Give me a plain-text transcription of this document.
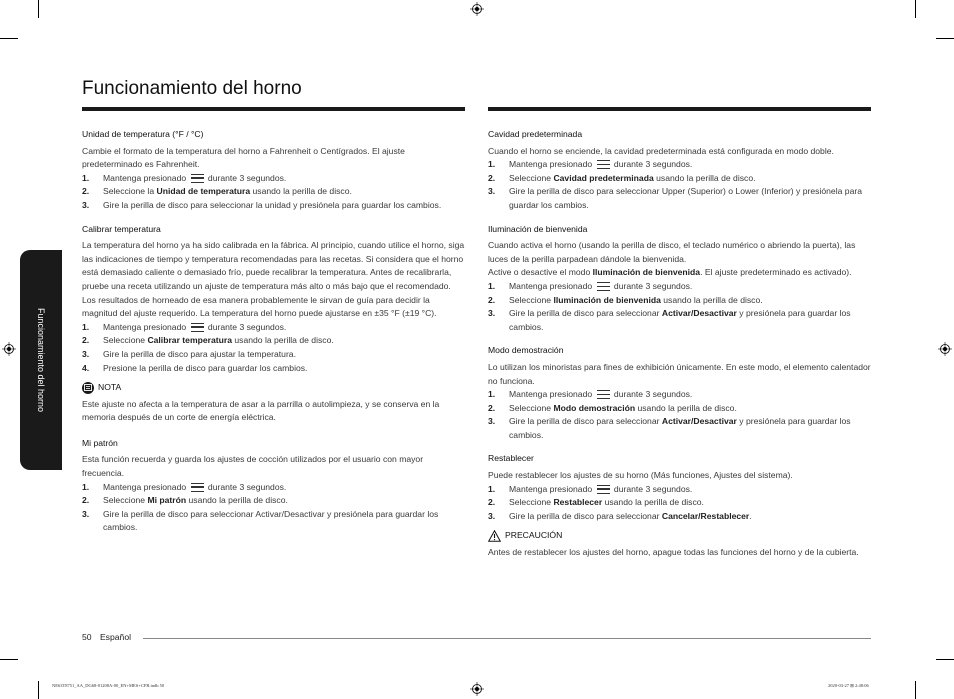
Funcionamiento del horno
Funcionamiento del horno
Unidad de temperatura (°F / °C)

Cambie el formato de la temperatura del horno a Fahrenheit o Centígrados. El ajuste predeterminado es Fahrenheit.

1. Mantenga presionado	durante 3 segundos.
2. Seleccione la Unidad de temperatura usando la perilla de disco.
3. Gire la perilla de disco para seleccionar la unidad y presiónela para guardar los cambios.
Calibrar temperatura

La temperatura del horno ya ha sido calibrada en la fábrica. Al principio, cuando utilice el horno, siga las indicaciones de tiempo y temperatura recomendadas para las recetas. Si considera que el horno está demasiado caliente o demasiado frío, puede recalibrar la temperatura. Antes de recalibrarla, pruebe una receta utilizando un ajuste de temperatura más alto o más bajo que el recomendado. Los resultados de horneado de esa manera probablemente le sirvan de guía para decidir la magnitud del ajuste requerido. La temperatura del horno puede ajustarse en ±35 °F (±19 °C).

1. Mantenga presionado	durante 3 segundos.
2. Seleccione Calibrar temperatura usando la perilla de disco.
3. Gire la perilla de disco para ajustar la temperatura.
4. Presione la perilla de disco para guardar los cambios.
NOTA

Este ajuste no afecta a la temperatura de asar a la parrilla o autolimpieza, y se conserva en la memoria después de un corte de energía eléctrica.

Mi patrón

Esta función recuerda y guarda los ajustes de cocción utilizados por el usuario con mayor frecuencia.

1. Mantenga presionado	durante 3 segundos.
2. Seleccione Mi patrón usando la perilla de disco.
3. Gire la perilla de disco para seleccionar Activar/Desactivar y presiónela para guardar los cambios.
Cavidad predeterminada

Cuando el horno se enciende, la cavidad predeterminada está configurada en modo doble.

1. Mantenga presionado	durante 3 segundos.
2. Seleccione Cavidad predeterminada usando la perilla de disco.
3. Gire la perilla de disco para seleccionar Upper (Superior) o Lower (Inferior) y presiónela para guardar los cambios.
Iluminación de bienvenida

Cuando activa el horno (usando la perilla de disco, el teclado numérico o abriendo la puerta), las luces de la perilla parpadean dándole la bienvenida.

Active o desactive el modo Iluminación de bienvenida. El ajuste predeterminado es activado).

1. Mantenga presionado	durante 3 segundos.
2. Seleccione Iluminación de bienvenida usando la perilla de disco.
3. Gire la perilla de disco para seleccionar Activar/Desactivar y presiónela para guardar los cambios.
Modo demostración

Lo utilizan los minoristas para fines de exhibición únicamente. En este modo, el elemento calentador no funciona.

1. Mantenga presionado	durante 3 segundos.
2. Seleccione Modo demostración usando la perilla de disco.
3. Gire la perilla de disco para seleccionar Activar/Desactivar y presiónela para guardar los cambios.
Restablecer

Puede restablecer los ajustes de su horno (Más funciones, Ajustes del sistema).

1. Mantenga presionado	durante 3 segundos.
2. Seleccione Restablecer usando la perilla de disco.
3. Gire la perilla de disco para seleccionar Cancelar/Restablecer.
PRECAUCIÓN

Antes de restablecer los ajustes del horno, apague todas las funciones del horno y de la cubierta.

50 Español
NE63T8751_AA_DG68-01208A-00_EN+MES+CFR.indb 50	2020-03-27 ⊞ 2:48:06
